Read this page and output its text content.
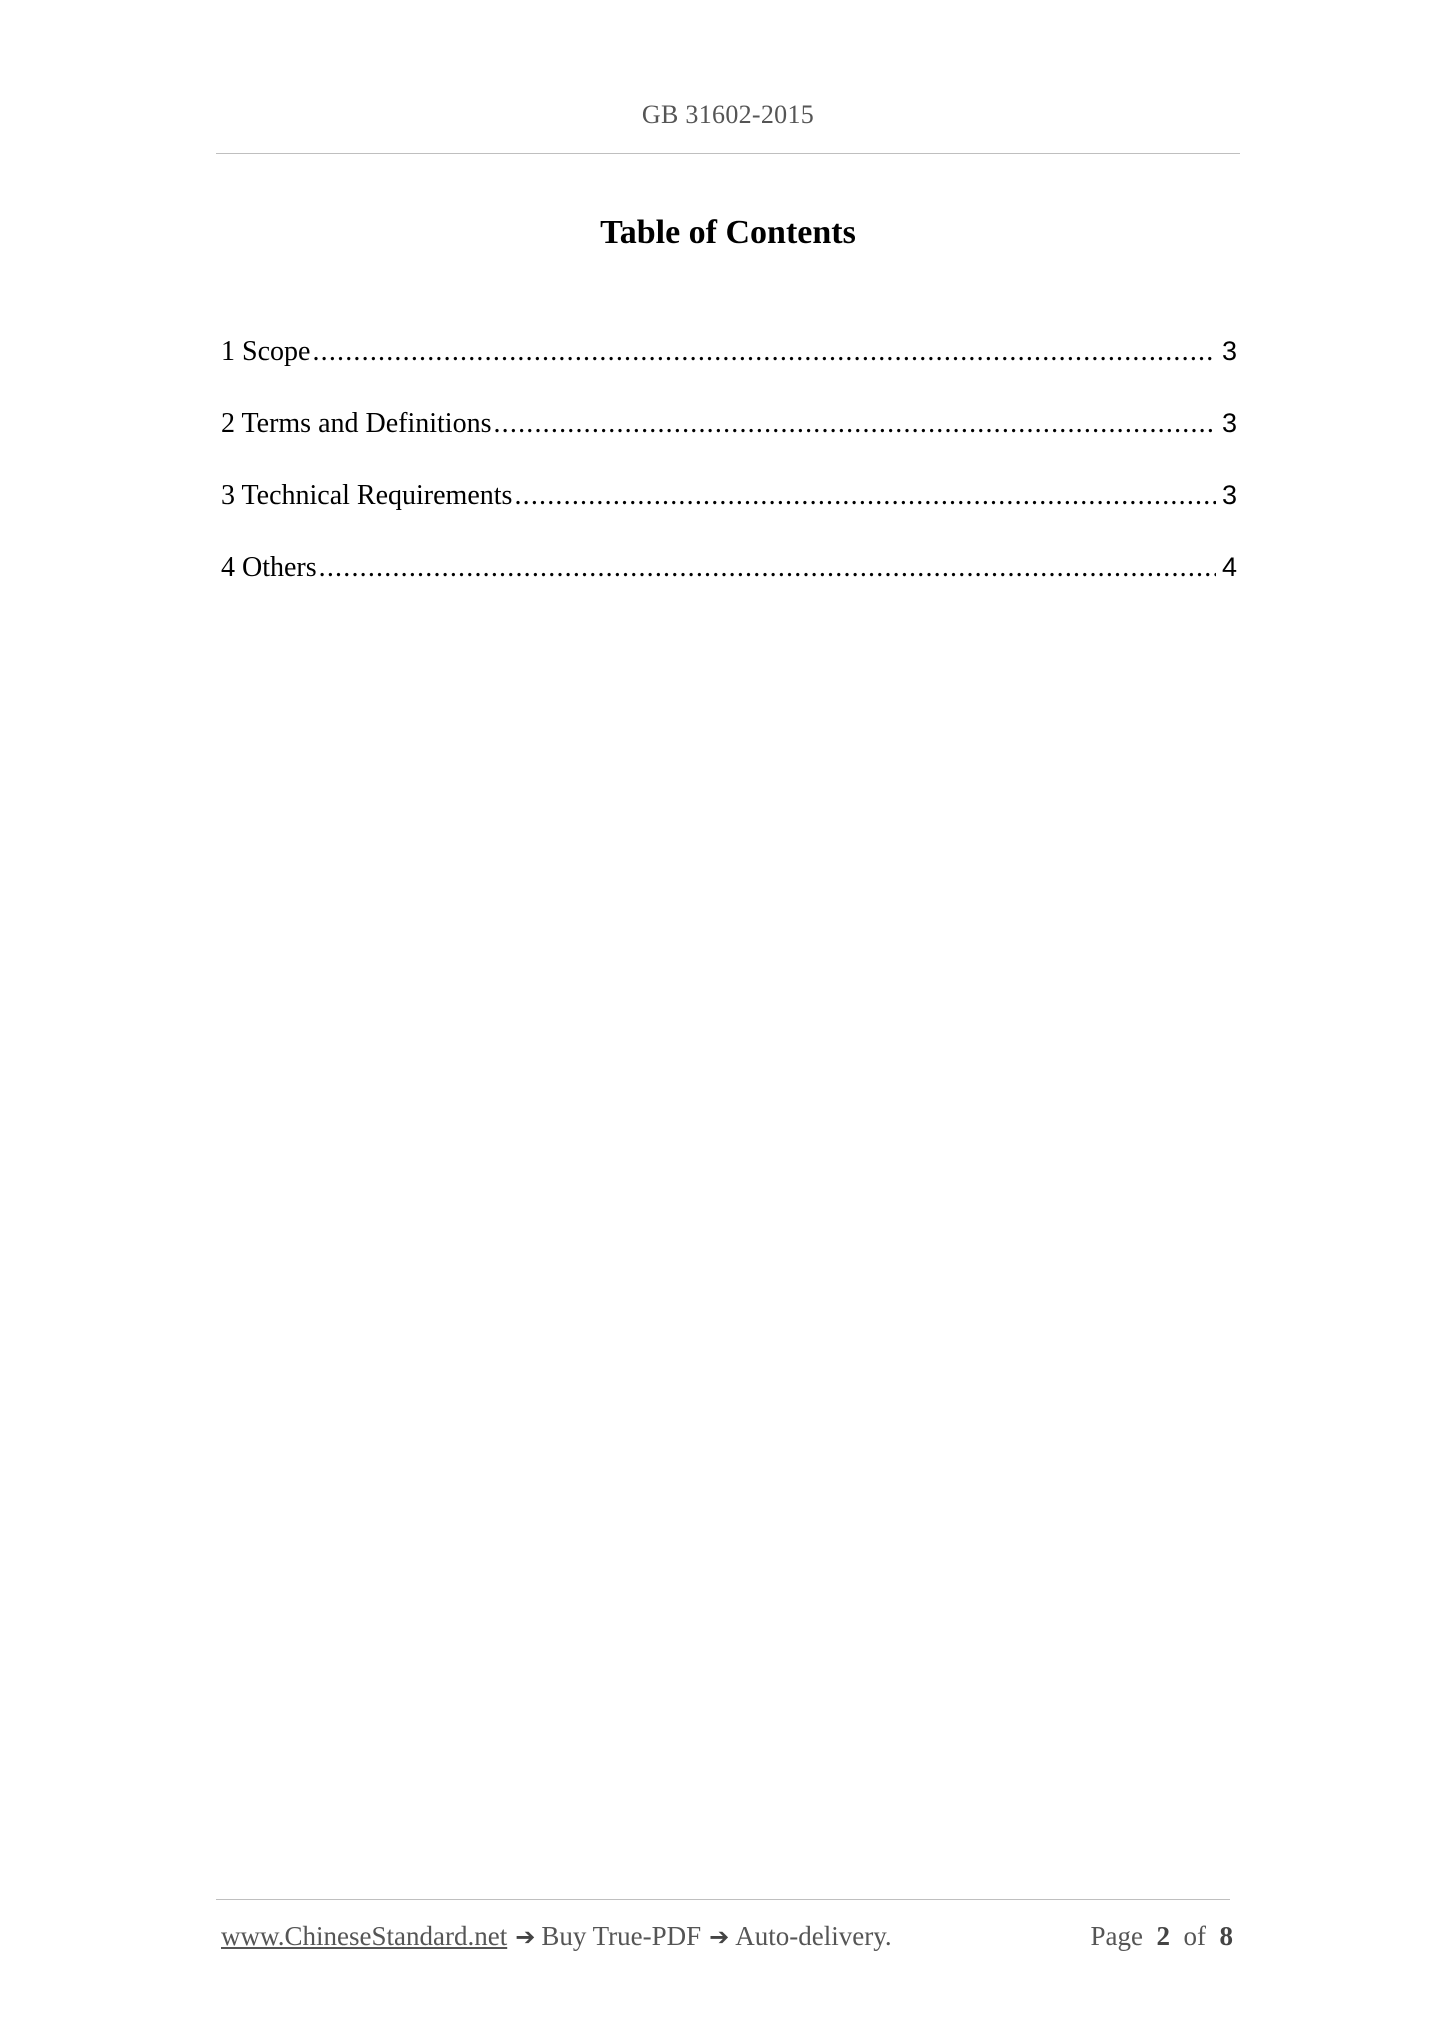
GB 31602-2015
Table of Contents
1 Scope .....	3
2 Terms and Definitions .....	3
3 Technical Requirements .....	3
4 Others .....	4
www.ChineseStandard.net ➔ Buy True-PDF ➔ Auto-delivery.	Page 2 of 8
